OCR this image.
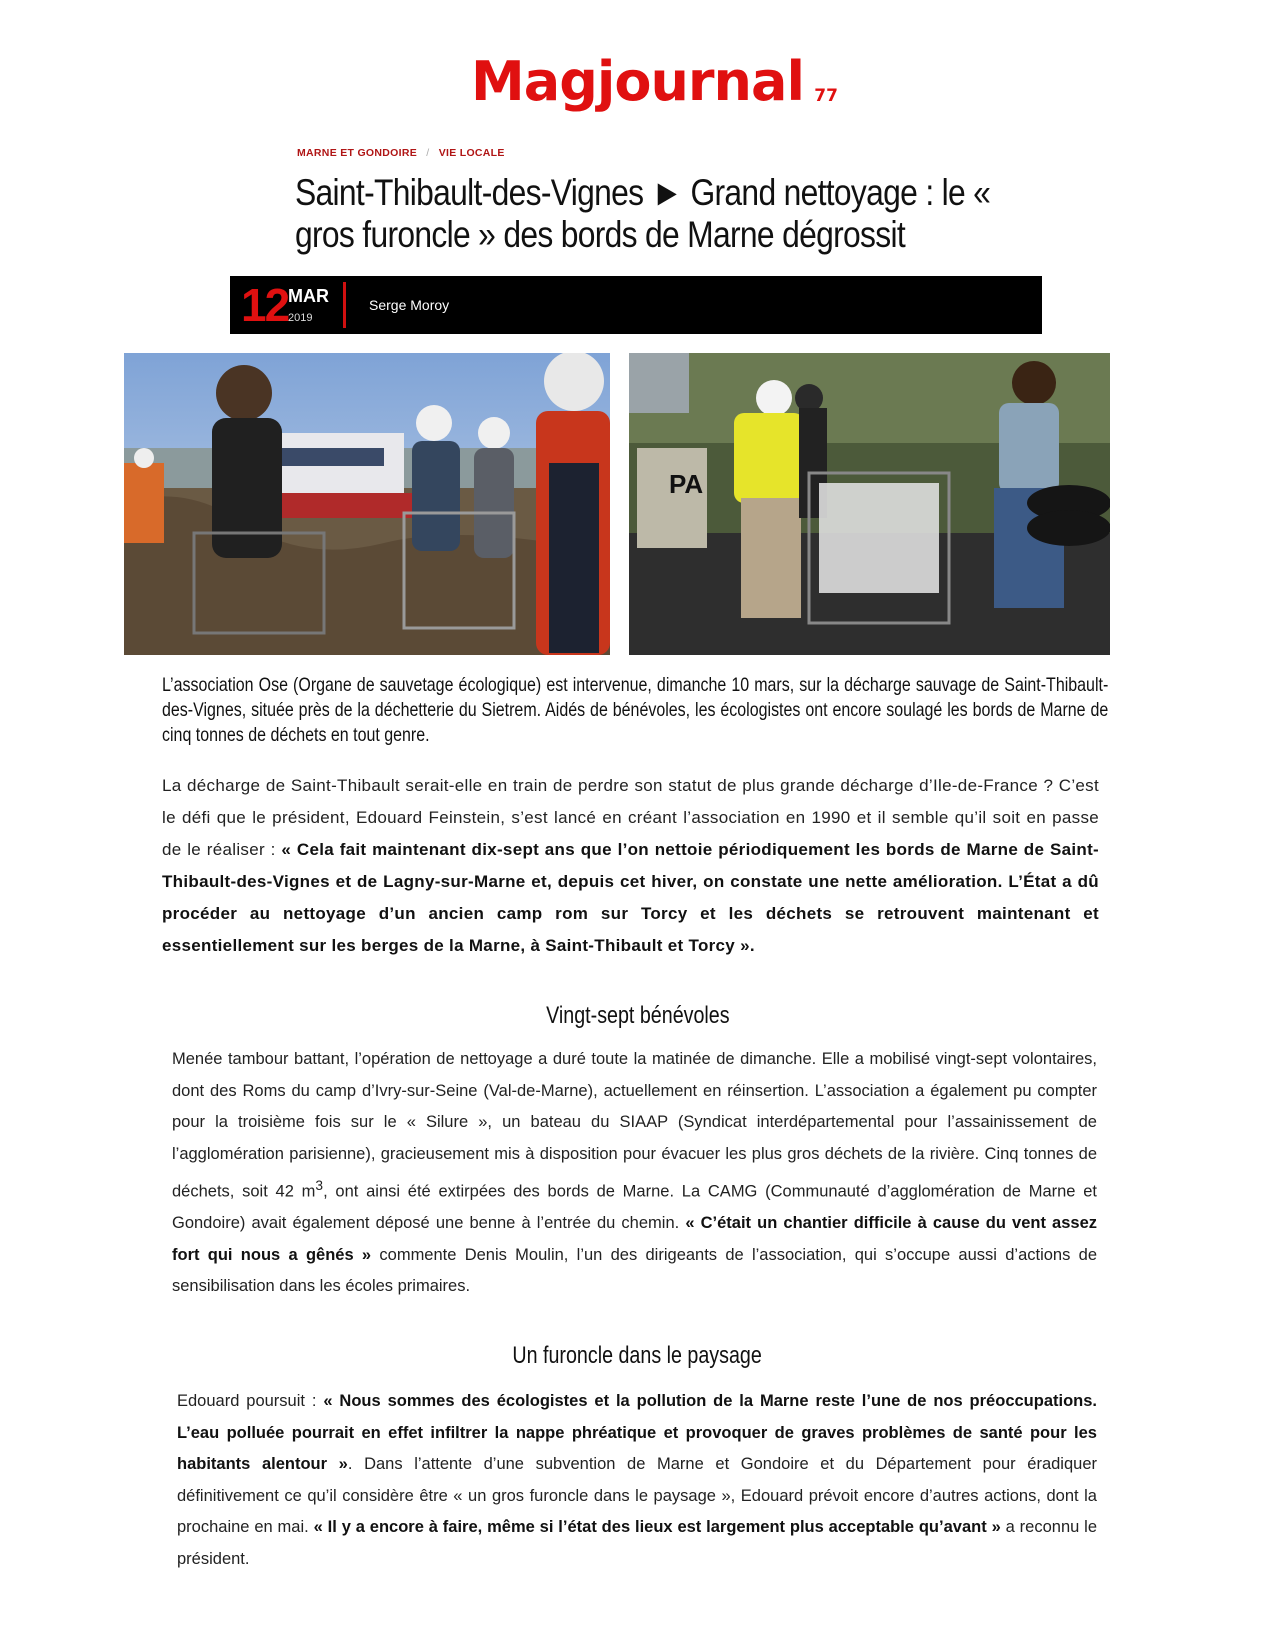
Magjournal 77
MARNE ET GONDOIRE / VIE LOCALE
Saint-Thibault-des-Vignes ► Grand nettoyage : le « gros furoncle » des bords de Marne dégrossit
12 MAR
2019
Serge Moroy
PA

L’association Ose (Organe de sauvetage écologique) est intervenue, dimanche 10 mars, sur la décharge sauvage de Saint-Thibault-des-Vignes, située près de la déchetterie du Sietrem. Aidés de bénévoles, les écologistes ont encore soulagé les bords de Marne de cinq tonnes de déchets en tout genre.

La décharge de Saint-Thibault serait-elle en train de perdre son statut de plus grande décharge d’Ile-de-France ? C’est le défi que le président, Edouard Feinstein, s’est lancé en créant l’association en 1990 et il semble qu’il soit en passe de le réaliser : « Cela fait maintenant dix-sept ans que l’on nettoie périodiquement les bords de Marne de Saint-Thibault-des-Vignes et de Lagny-sur-Marne et, depuis cet hiver, on constate une nette amélioration. L’État a dû procéder au nettoyage d’un ancien camp rom sur Torcy et les déchets se retrouvent maintenant et essentiellement sur les berges de la Marne, à Saint-Thibault et Torcy ».

Vingt-sept bénévoles

Menée tambour battant, l’opération de nettoyage a duré toute la matinée de dimanche. Elle a mobilisé vingt-sept volontaires, dont des Roms du camp d’Ivry-sur-Seine (Val-de-Marne), actuellement en réinsertion. L’association a également pu compter pour la troisième fois sur le « Silure », un bateau du SIAAP (Syndicat interdépartemental pour l’assainissement de l’agglomération parisienne), gracieusement mis à disposition pour évacuer les plus gros déchets de la rivière. Cinq tonnes de déchets, soit 42 $m^3$, ont ainsi été extirpées des bords de Marne. La CAMG (Communauté d’agglomération de Marne et Gondoire) avait également déposé une benne à l’entrée du chemin. « C’était un chantier difficile à cause du vent assez fort qui nous a gênés » commente Denis Moulin, l’un des dirigeants de l’association, qui s’occupe aussi d’actions de sensibilisation dans les écoles primaires.

Un furoncle dans le paysage

Edouard poursuit : « Nous sommes des écologistes et la pollution de la Marne reste l’une de nos préoccupations. L’eau polluée pourrait en effet infiltrer la nappe phréatique et provoquer de graves problèmes de santé pour les habitants alentour ». Dans l’attente d’une subvention de Marne et Gondoire et du Département pour éradiquer définitivement ce qu’il considère être « un gros furoncle dans le paysage », Edouard prévoit encore d’autres actions, dont la prochaine en mai. « Il y a encore à faire, même si l’état des lieux est largement plus acceptable qu’avant » a reconnu le président.
